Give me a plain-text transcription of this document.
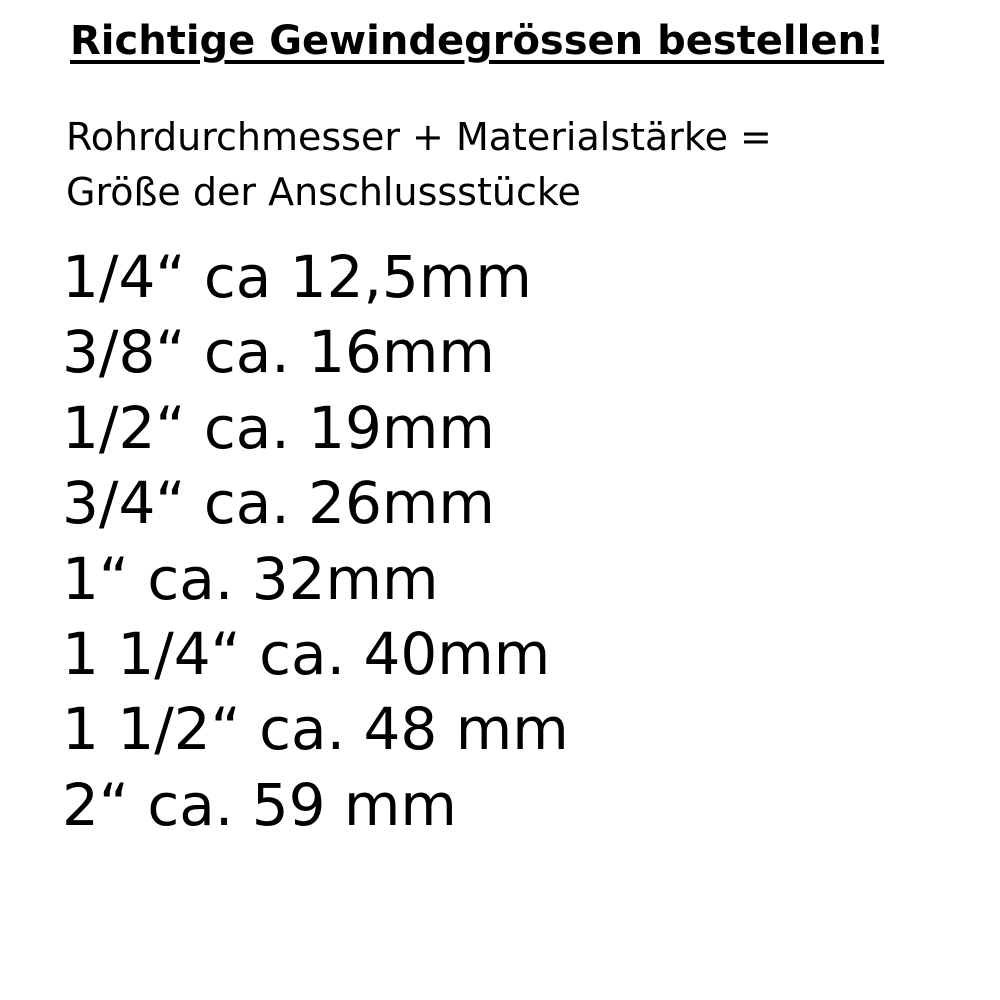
Richtige Gewindegrössen bestellen!
Rohrdurchmesser + Materialstärke =
Größe der Anschlussstücke
1/4“ ca 12,5mm
3/8“ ca. 16mm
1/2“ ca. 19mm
3/4“ ca. 26mm
1“ ca. 32mm
1 1/4“ ca. 40mm
1 1/2“ ca. 48 mm
2“ ca. 59 mm
